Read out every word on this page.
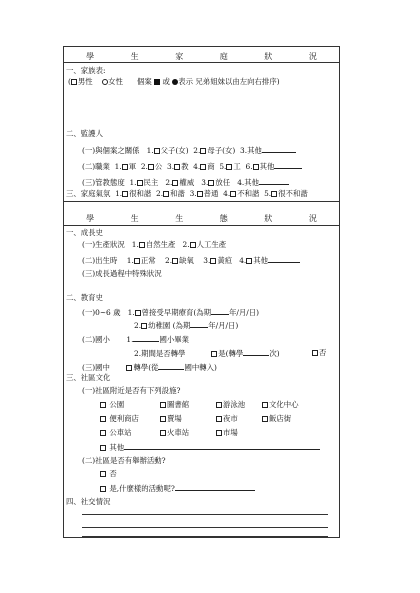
學 生 家 庭 狀 況
一、家族表:
( 男性 女性 個案 或 表示 兄弟姐妹以由左向右排序)
二、監護人
(一)與個案之關係 1. 父子(女) 2. 母子(女) 3.其他
(二)職業 1. 軍 2. 公 3. 教 4. 商 5. 工 6. 其他
(三)管教態度 1. 民主 2. 權威 3. 放任 4.其他
三、家庭氣氛 1. 很和諧 2. 和諧 3. 普通 4. 不和諧 5. 很不和諧
學 生 生 態 狀 況
一、成長史
(一)生產狀況 1. 自然生產 2. 人工生產
(二)出生時 1. 正常 2. 缺氧 3. 黃疸 4. 其他
(三)成長過程中特殊狀況
二、教育史
(一)0~6 歲 1. 曾接受早期療育(為期 年/月/日)
2. 幼稚園 (為期 年/月/日)
(二)國小 1.	國小畢業
2.期間是否轉學	是(轉學	次)	否
(三)國中	轉學(從	國中轉入)
三、社區文化
(一)社區附近是否有下列設施?
公園	圖書館	游泳池	文化中心
便利商店	賣場	夜市	飯店街
公車站	火車站	市場
其他
(二)社區是否有舉辦活動?
否
是,什麼樣的活動呢?
四、社交情況
